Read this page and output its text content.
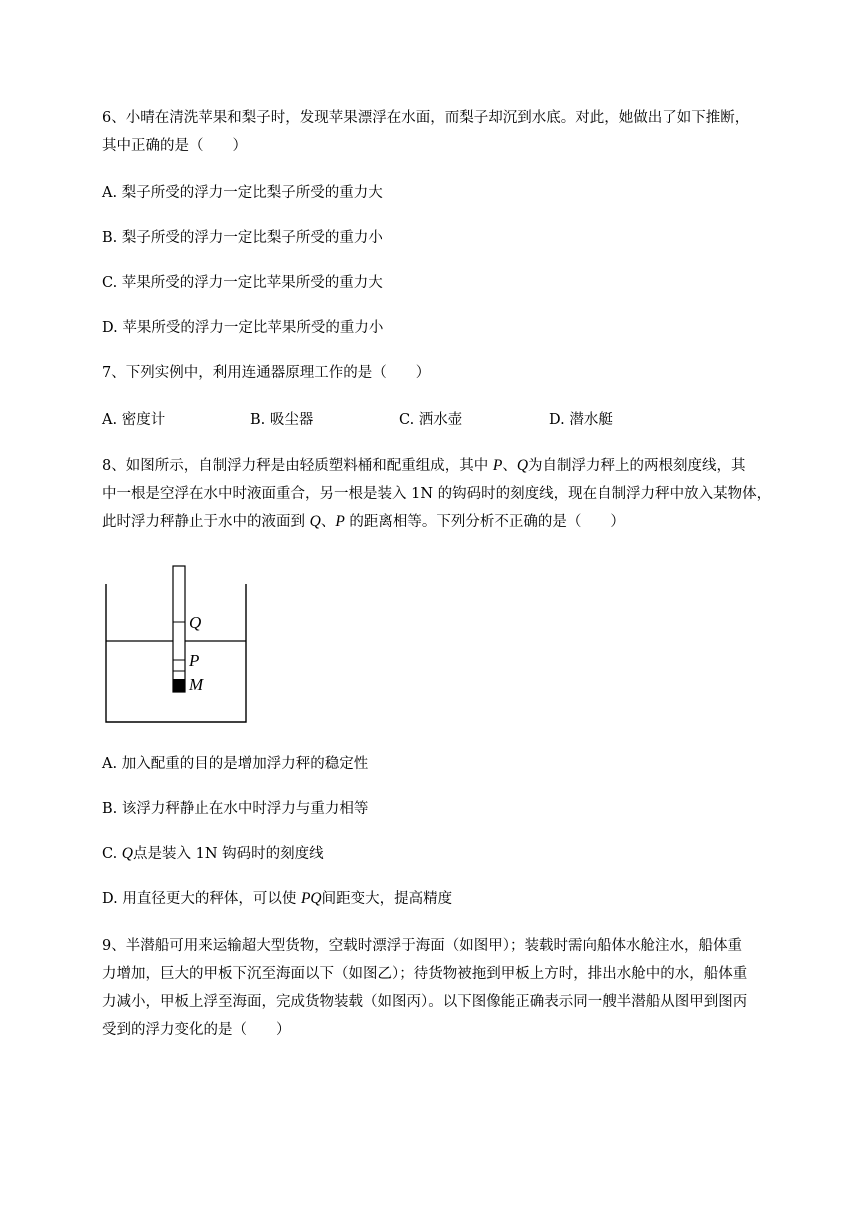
6、小晴在清洗苹果和梨子时，发现苹果漂浮在水面，而梨子却沉到水底。对此，她做出了如下推断，
其中正确的是（　　）
A. 梨子所受的浮力一定比梨子所受的重力大
B. 梨子所受的浮力一定比梨子所受的重力小
C. 苹果所受的浮力一定比苹果所受的重力大
D. 苹果所受的浮力一定比苹果所受的重力小
7、下列实例中，利用连通器原理工作的是（　　）
A. 密度计	B. 吸尘器	C. 洒水壶	D. 潜水艇
8、如图所示，自制浮力秤是由轻质塑料桶和配重组成，其中 P、Q为自制浮力秤上的两根刻度线，其
中一根是空浮在水中时液面重合，另一根是装入 1N 的钩码时的刻度线，现在自制浮力秤中放入某物体，
此时浮力秤静止于水中的液面到 Q、P 的距离相等。下列分析不正确的是（　　）
Q
P
M
A. 加入配重的目的是增加浮力秤的稳定性
B. 该浮力秤静止在水中时浮力与重力相等
C. Q点是装入 1N 钩码时的刻度线
D. 用直径更大的秤体，可以使 PQ间距变大，提高精度
9、半潜船可用来运输超大型货物，空载时漂浮于海面（如图甲）；装载时需向船体水舱注水，船体重
力增加，巨大的甲板下沉至海面以下（如图乙）；待货物被拖到甲板上方时，排出水舱中的水，船体重
力减小，甲板上浮至海面，完成货物装载（如图丙）。以下图像能正确表示同一艘半潜船从图甲到图丙
受到的浮力变化的是（　　）
